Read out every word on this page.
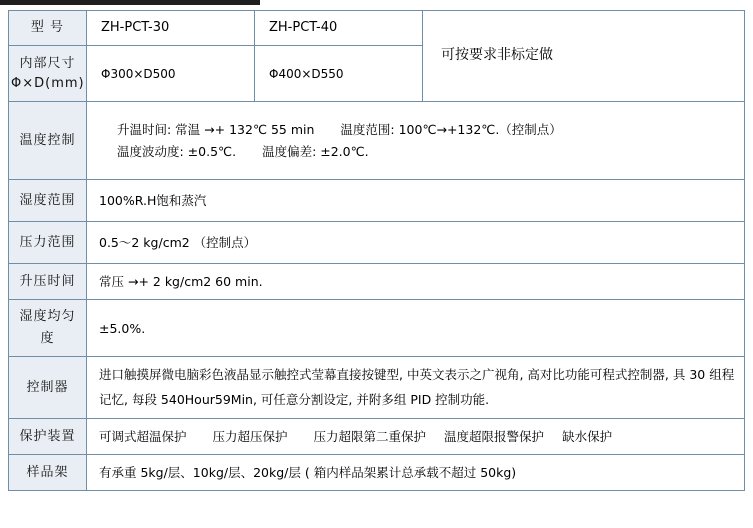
型 号	ZH-PCT-30	ZH-PCT-40	可按要求非标定做

内部尺寸
Φ×D(mm)	Φ300×D500	Φ400×D550	
温度控制	升温时间: 常温 →+ 132℃ 55 min 温度范围: 100℃→+132℃.（控制点）
温度波动度: ±0.5℃. 温度偏差: ±2.0℃.		

湿度范围	100%R.H饱和蒸汽		
压力范围	0.5～2 kg/cm2 （控制点）		
升压时间	常压 →+ 2 kg/cm2 60 min.		
湿度均匀度	±5.0%.		
控制器	进口触摸屏微电脑彩色液晶显示触控式莹幕直接按键型, 中英文表示之广视角, 高对比功能可程式控制器, 具 30 组程记忆, 每段 540Hour59Min, 可任意分割设定, 并附多组 PID 控制功能.		
保护装置	可调式超温保护 压力超压保护 压力超限第二重保护 温度超限报警保护 缺水保护		

样品架	有承重 5kg/层、10kg/层、20kg/层 ( 箱内样品架累计总承载不超过 50kg)		
